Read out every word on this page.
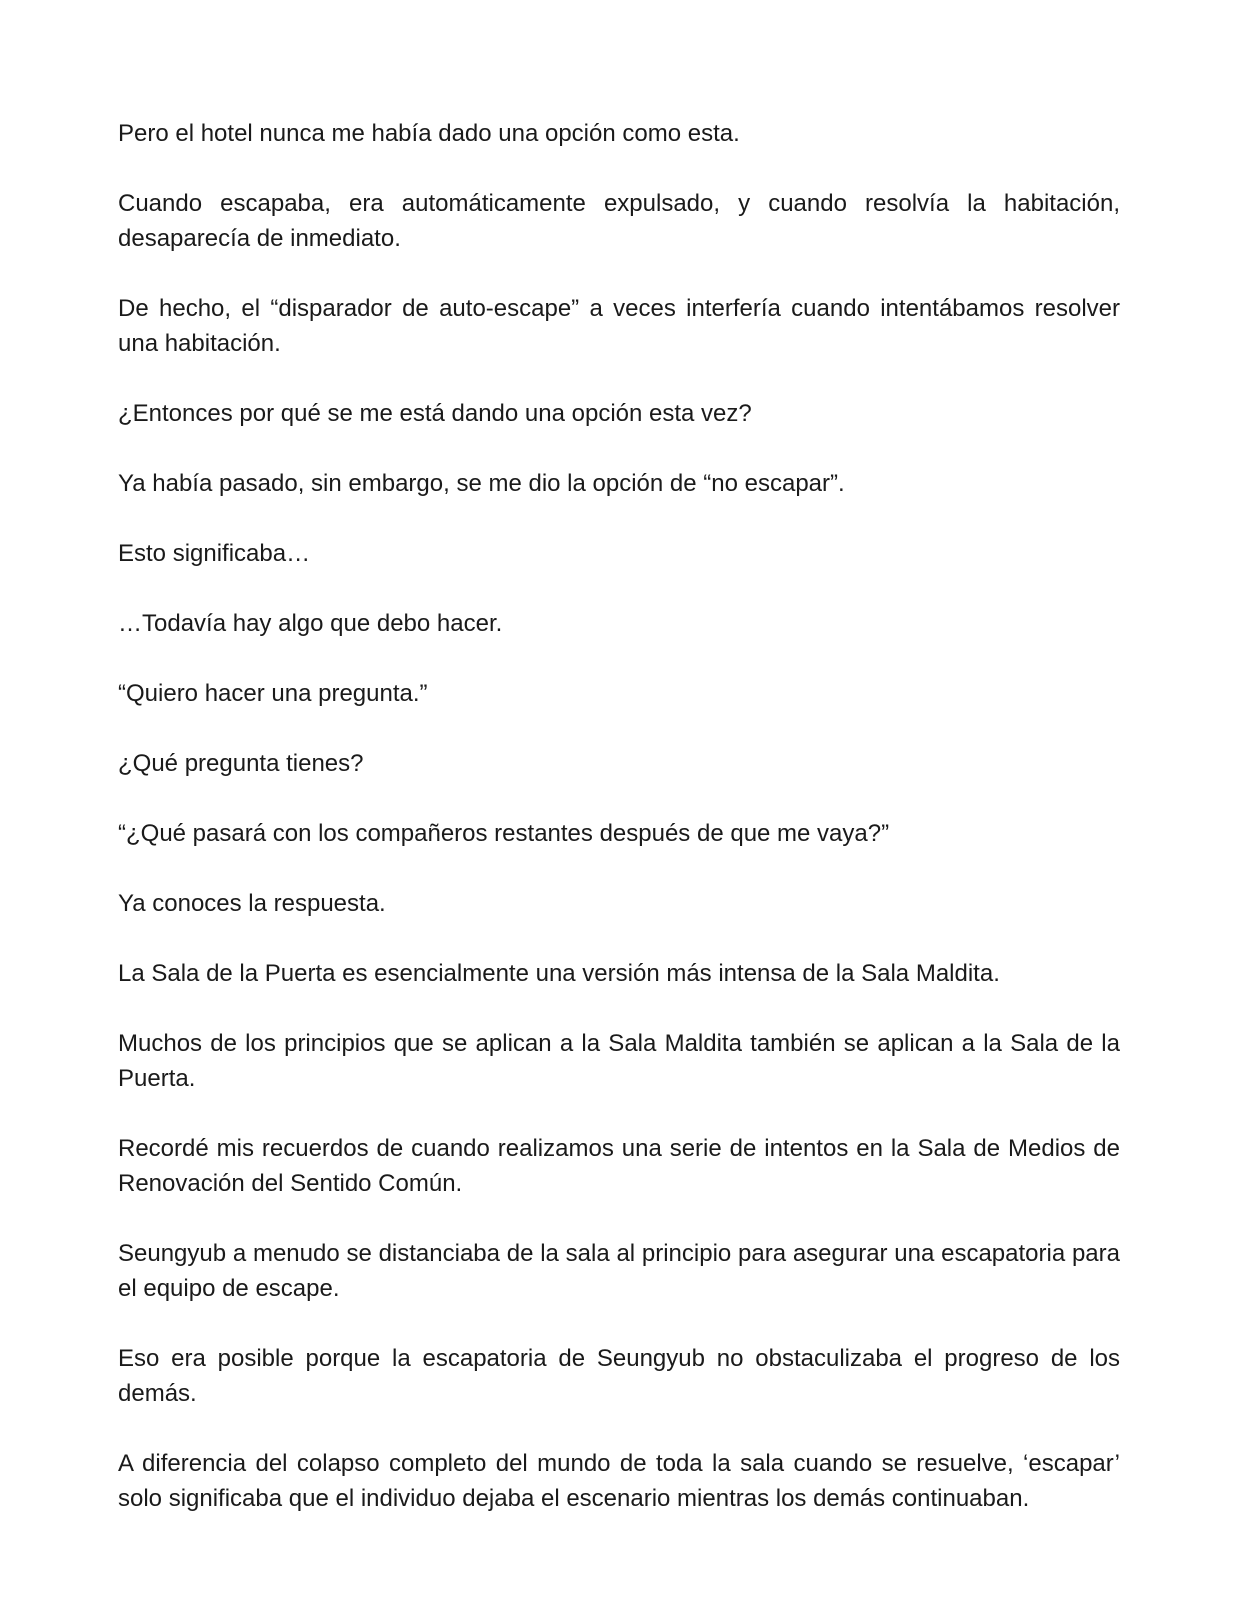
Pero el hotel nunca me había dado una opción como esta.

Cuando escapaba, era automáticamente expulsado, y cuando resolvía la habitación, desaparecía de inmediato.

De hecho, el “disparador de auto-escape” a veces interfería cuando intentábamos resolver una habitación.

¿Entonces por qué se me está dando una opción esta vez?

Ya había pasado, sin embargo, se me dio la opción de “no escapar”.

Esto significaba…

…Todavía hay algo que debo hacer.

“Quiero hacer una pregunta.”

¿Qué pregunta tienes?

“¿Qué pasará con los compañeros restantes después de que me vaya?”

Ya conoces la respuesta.

La Sala de la Puerta es esencialmente una versión más intensa de la Sala Maldita.

Muchos de los principios que se aplican a la Sala Maldita también se aplican a la Sala de la Puerta.

Recordé mis recuerdos de cuando realizamos una serie de intentos en la Sala de Medios de Renovación del Sentido Común.

Seungyub a menudo se distanciaba de la sala al principio para asegurar una escapatoria para el equipo de escape.

Eso era posible porque la escapatoria de Seungyub no obstaculizaba el progreso de los demás.

A diferencia del colapso completo del mundo de toda la sala cuando se resuelve, ‘escapar’ solo significaba que el individuo dejaba el escenario mientras los demás continuaban.
